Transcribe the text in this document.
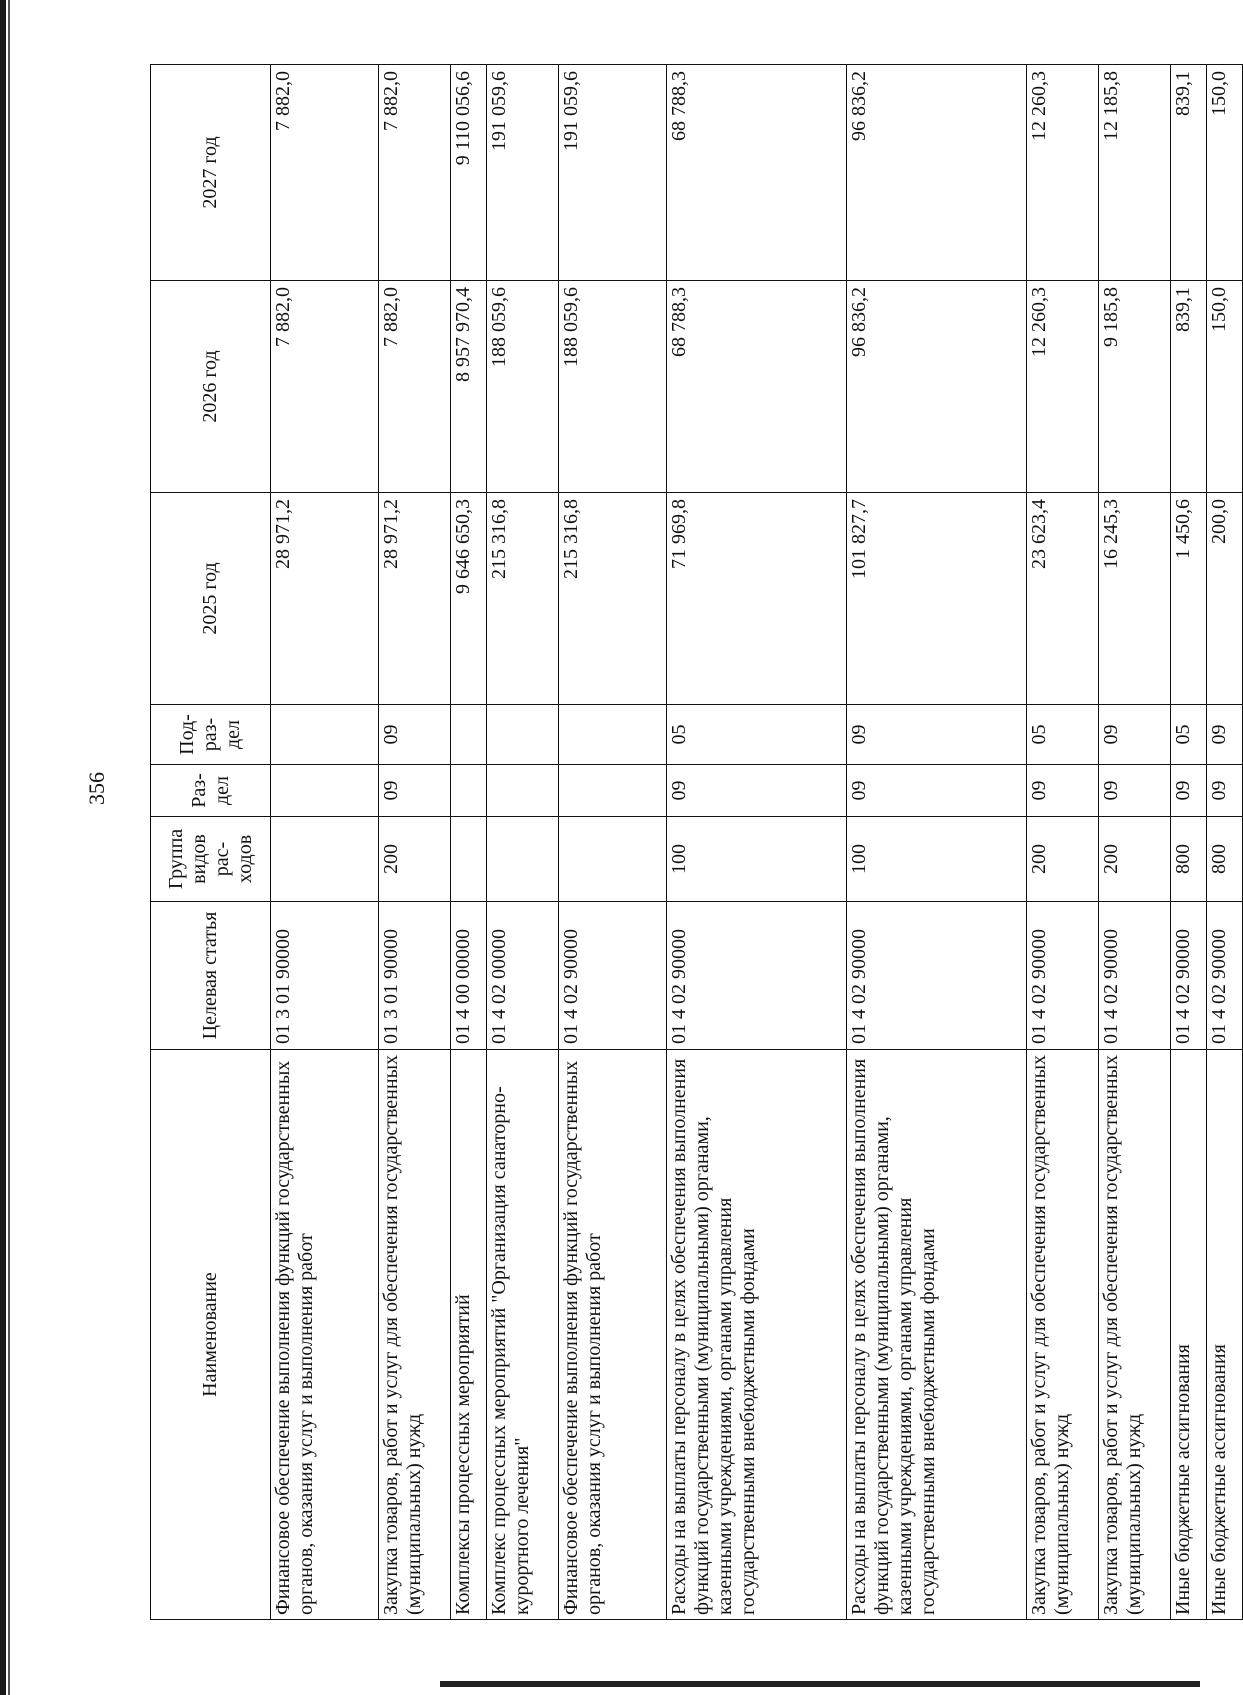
356
Наименование	Целевая статья	Группа видов рас-ходов	Раз-дел	Под-раз-дел	2025 год	2026 год	2027 год
Финансовое обеспечение выполнения функций государственных органов, оказания услуг и выполнения работ	01 3 01 90000				28 971,2	7 882,0	7 882,0
Закупка товаров, работ и услуг для обеспечения государственных (муниципальных) нужд	01 3 01 90000	200	09	09	28 971,2	7 882,0	7 882,0
Комплексы процессных мероприятий	01 4 00 00000				9 646 650,3	8 957 970,4	9 110 056,6
Комплекс процессных мероприятий "Организация санаторно-курортного лечения"	01 4 02 00000				215 316,8	188 059,6	191 059,6
Финансовое обеспечение выполнения функций государственных органов, оказания услуг и выполнения работ	01 4 02 90000				215 316,8	188 059,6	191 059,6
Расходы на выплаты персоналу в целях обеспечения выполнения функций государственными (муниципальными) органами, казенными учреждениями, органами управления государственными внебюджетными фондами	01 4 02 90000	100	09	05	71 969,8	68 788,3	68 788,3
Расходы на выплаты персоналу в целях обеспечения выполнения функций государственными (муниципальными) органами, казенными учреждениями, органами управления государственными внебюджетными фондами	01 4 02 90000	100	09	09	101 827,7	96 836,2	96 836,2
Закупка товаров, работ и услуг для обеспечения государственных (муниципальных) нужд	01 4 02 90000	200	09	05	23 623,4	12 260,3	12 260,3
Закупка товаров, работ и услуг для обеспечения государственных (муниципальных) нужд	01 4 02 90000	200	09	09	16 245,3	9 185,8	12 185,8
Иные бюджетные ассигнования	01 4 02 90000	800	09	05	1 450,6	839,1	839,1
Иные бюджетные ассигнования	01 4 02 90000	800	09	09	200,0	150,0	150,0
